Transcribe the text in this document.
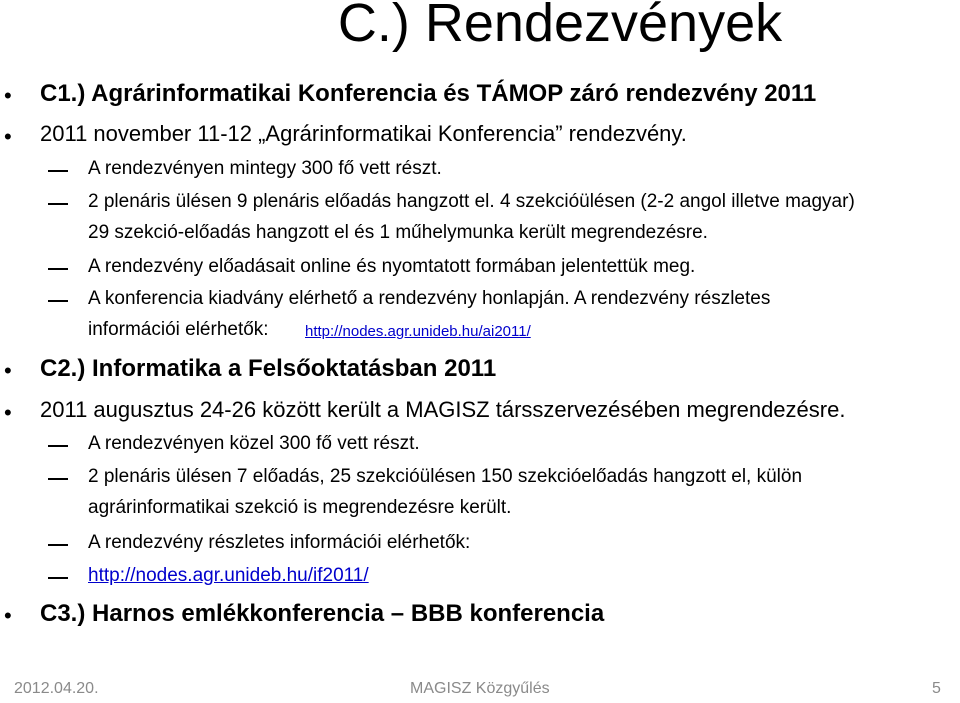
C.) Rendezvények
• C1.) Agrárinformatikai Konferencia és TÁMOP záró rendezvény 2011
• 2011 november 11-12 „Agrárinformatikai Konferencia” rendezvény.
A rendezvényen mintegy 300 fő vett részt.
2 plenáris ülésen 9 plenáris előadás hangzott el. 4 szekcióülésen (2-2 angol illetve magyar)
29 szekció-előadás hangzott el és 1 műhelymunka került megrendezésre.
A rendezvény előadásait online és nyomtatott formában jelentettük meg.
A konferencia kiadvány elérhető a rendezvény honlapján. A rendezvény részletes
információi elérhetők: http://nodes.agr.unideb.hu/ai2011/
• C2.) Informatika a Felsőoktatásban 2011
• 2011 augusztus 24-26 között került a MAGISZ társszervezésében megrendezésre.
A rendezvényen közel 300 fő vett részt.
2 plenáris ülésen 7 előadás, 25 szekcióülésen 150 szekcióelőadás hangzott el, külön
agrárinformatikai szekció is megrendezésre került.
A rendezvény részletes információi elérhetők:
http://nodes.agr.unideb.hu/if2011/
• C3.) Harnos emlékkonferencia – BBB konferencia
2012.04.20.	MAGISZ Közgyűlés	5
